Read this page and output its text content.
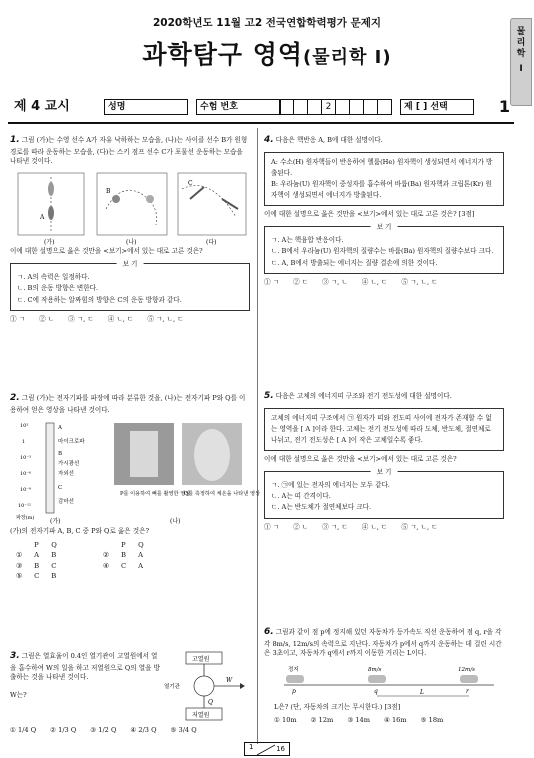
2020학년도 11월 고2 전국연합학력평가 문제지
과학탐구 영역(물리학 Ⅰ)
물
리
학
Ⅰ
제 4 교시	성명	수험 번호	2	제 [ ] 선택	1
1. 그림 (가)는 수영 선수 A가 자유 낙하하는 모습을, (나)는 사이클 선수 B가 원형 경로를 따라 운동하는 모습을, (다)는 스키 점프 선수 C가 포물선 운동하는 모습을 나타낸 것이다.
A
B
C
(가)	(나)	(다)
이에 대한 설명으로 옳은 것만을 <보기>에서 있는 대로 고른 것은?
보 기
ㄱ. A의 속력은 일정하다.
ㄴ. B의 운동 방향은 변한다.
ㄷ. C에 작용하는 알짜힘의 방향은 C의 운동 방향과 같다.
① ㄱ ② ㄴ ③ ㄱ, ㄷ ④ ㄴ, ㄷ ⑤ ㄱ, ㄴ, ㄷ
2. 그림 (가)는 전자기파를 파장에 따라 분류한 것을, (나)는 전자기파 P와 Q를 이용하여 얻은 영상을 나타낸 것이다.
10³
1
10⁻³
10⁻⁶
10⁻⁹
10⁻¹²
A
마이크로파
B
가시광선
자외선
C
감마선
파장(m)
P를 이용하여 뼈를 촬영한 영상
Q를 측정하여 체온을 나타낸 영상
(가)	(나)
(가)의 전자기파 A, B, C 중 P와 Q로 옳은 것은?
	P	Q		P	Q
①	A	B	②	B	A
③	B	C	④	C	A
⑤	C	B			
3. 그림은 열효율이 0.4인 열기관이 고열원에서 열을 흡수하여 W의 일을 하고 저열원으로 Q의 열을 방출하는 것을 나타낸 것이다.
W는?
고열원
열기관
저열원
W
Q
① 1/4 Q ② 1/3 Q ③ 1/2 Q ④ 2/3 Q ⑤ 3/4 Q
4. 다음은 핵반응 A, B에 대한 설명이다.
A: 수소(H) 원자핵들이 반응하여 헬륨(He) 원자핵이 생성되면서 에너지가 방출된다.
B: 우라늄(U) 원자핵이 중성자를 흡수하여 바륨(Ba) 원자핵과 크립톤(Kr) 원자핵이 생성되면서 에너지가 방출된다.
이에 대한 설명으로 옳은 것만을 <보기>에서 있는 대로 고른 것은? [3점]
보 기
ㄱ. A는 핵융합 반응이다.
ㄴ. B에서 우라늄(U) 원자핵의 질량수는 바륨(Ba) 원자핵의 질량수보다 크다.
ㄷ. A, B에서 방출되는 에너지는 질량 결손에 의한 것이다.
① ㄱ ② ㄷ ③ ㄱ, ㄴ ④ ㄴ, ㄷ ⑤ ㄱ, ㄴ, ㄷ
5. 다음은 고체의 에너지띠 구조와 전기 전도성에 대한 설명이다.
고체의 에너지띠 구조에서 ㉠ 원자가 띠와 전도띠 사이에 전자가 존재할 수 없는 영역을 [ A ]이라 한다. 고체는 전기 전도성에 따라 도체, 반도체, 절연체로 나뉘고, 전기 전도성은 [ A ]이 작은 고체일수록 좋다.
이에 대한 설명으로 옳은 것만을 <보기>에서 있는 대로 고른 것은?
보 기
ㄱ. ㉠에 있는 전자의 에너지는 모두 같다.
ㄴ. A는 띠 간격이다.
ㄷ. A는 반도체가 절연체보다 크다.
① ㄱ ② ㄴ ③ ㄱ, ㄷ ④ ㄴ, ㄷ ⑤ ㄱ, ㄴ, ㄷ
6. 그림과 같이 점 p에 정지해 있던 자동차가 등가속도 직선 운동하여 점 q, r을 각각 8m/s, 12m/s의 속력으로 지난다. 자동차가 p에서 q까지 운동하는 데 걸린 시간은 3초이고, 자동차가 q에서 r까지 이동한 거리는 L이다.
정지	8m/s	12m/s
p	q	r
L
L은? (단, 자동차의 크기는 무시한다.) [3점]
① 10m ② 12m ③ 14m ④ 16m ⑤ 18m
1	16
